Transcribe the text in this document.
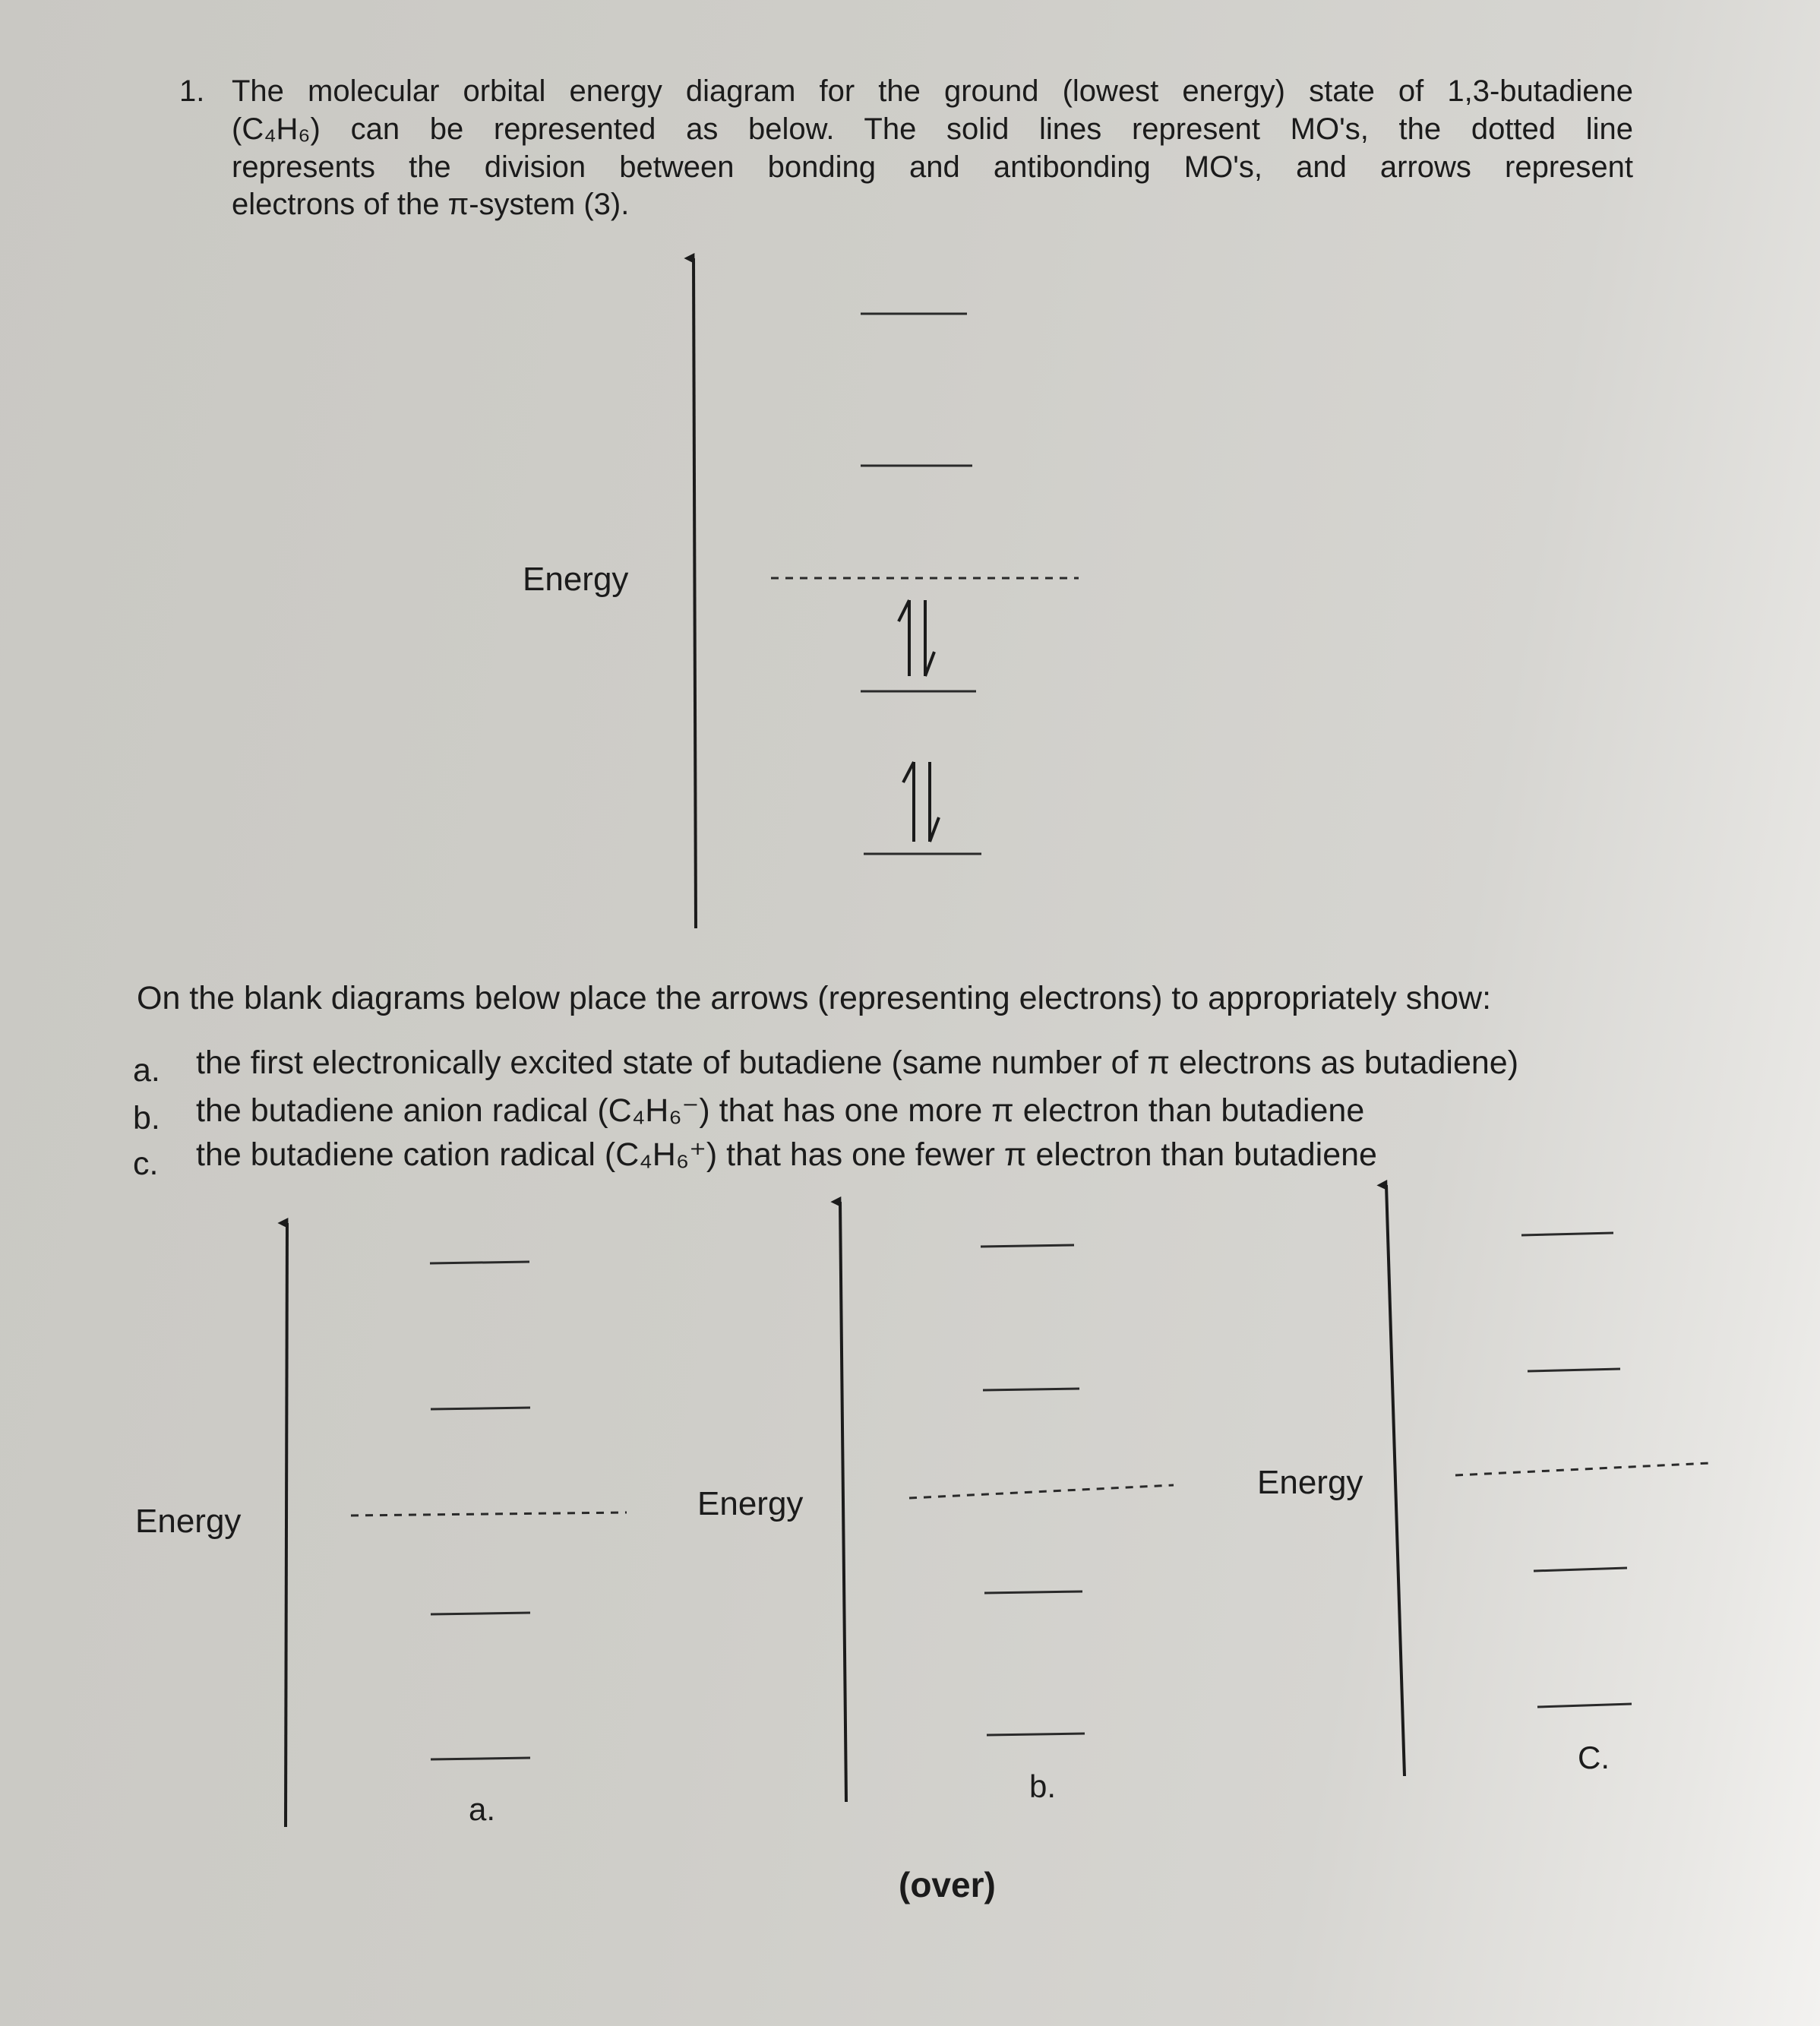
1. The molecular orbital energy diagram for the ground (lowest energy) state of 1,3-butadiene
(C₄H₆) can be represented as below. The solid lines represent MO's, the dotted line
represents the division between bonding and antibonding MO's, and arrows represent
electrons of the π-system (3).
Energy
On the blank diagrams below place the arrows (representing electrons) to appropriately show:
a. the first electronically excited state of butadiene (same number of π electrons as butadiene)
b. the butadiene anion radical (C₄H₆⁻) that has one more π electron than butadiene
c. the butadiene cation radical (C₄H₆⁺) that has one fewer π electron than butadiene
Energy
a.
Energy
b.
Energy
C.
(over)
